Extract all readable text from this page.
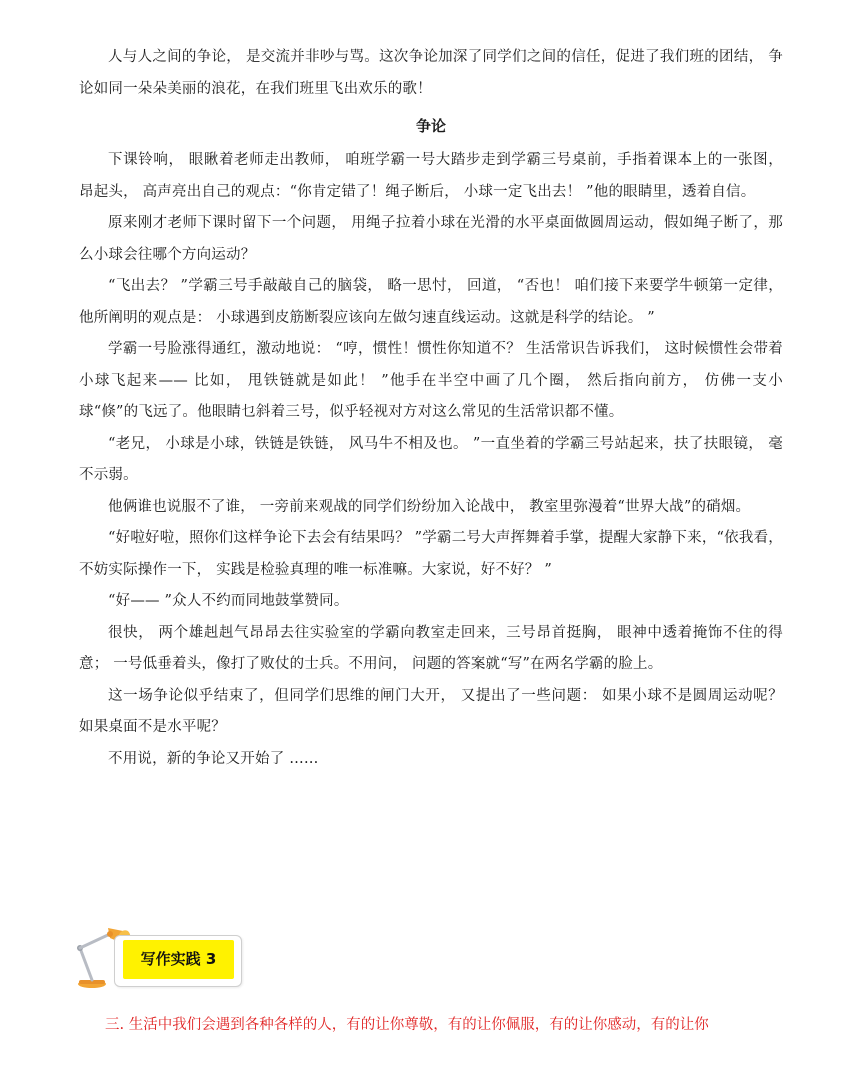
人与人之间的争论， 是交流并非吵与骂。这次争论加深了同学们之间的信任，促进了我们班的团结， 争论如同一朵朵美丽的浪花，在我们班里飞出欢乐的歌！

争论

下课铃响， 眼瞅着老师走出教师， 咱班学霸一号大踏步走到学霸三号桌前，手指着课本上的一张图， 昂起头， 高声亮出自己的观点：“你肯定错了！绳子断后， 小球一定飞出去！ ”他的眼睛里，透着自信。

原来刚才老师下课时留下一个问题， 用绳子拉着小球在光滑的水平桌面做圆周运动，假如绳子断了，那么小球会往哪个方向运动？

“飞出去？ ”学霸三号手敲敲自己的脑袋， 略一思忖， 回道， “否也！ 咱们接下来要学牛顿第一定律，他所阐明的观点是： 小球遇到皮筋断裂应该向左做匀速直线运动。这就是科学的结论。 ”

学霸一号脸涨得通红，激动地说： “哼，惯性！惯性你知道不？ 生活常识告诉我们， 这时候惯性会带着小球飞起来—— 比如， 甩铁链就是如此！ ”他手在半空中画了几个圈， 然后指向前方， 仿佛一支小球“倏”的飞远了。他眼睛乜斜着三号，似乎轻视对方对这么常见的生活常识都不懂。

“老兄， 小球是小球，铁链是铁链， 风马牛不相及也。 ”一直坐着的学霸三号站起来，扶了扶眼镜， 毫不示弱。

他俩谁也说服不了谁， 一旁前来观战的同学们纷纷加入论战中， 教室里弥漫着“世界大战”的硝烟。

“好啦好啦，照你们这样争论下去会有结果吗？ ”学霸二号大声挥舞着手掌，提醒大家静下来，“依我看， 不妨实际操作一下， 实践是检验真理的唯一标准嘛。大家说，好不好？ ”

“好—— ”众人不约而同地鼓掌赞同。

很快， 两个雄赳赳气昂昂去往实验室的学霸向教室走回来，三号昂首挺胸， 眼神中透着掩饰不住的得意； 一号低垂着头，像打了败仗的士兵。不用问， 问题的答案就“写”在两名学霸的脸上。

这一场争论似乎结束了，但同学们思维的闸门大开， 又提出了一些问题： 如果小球不是圆周运动呢？ 如果桌面不是水平呢？

不用说，新的争论又开始了 ……

写作实践 3

三. 生活中我们会遇到各种各样的人，有的让你尊敬，有的让你佩服，有的让你感动，有的让你
